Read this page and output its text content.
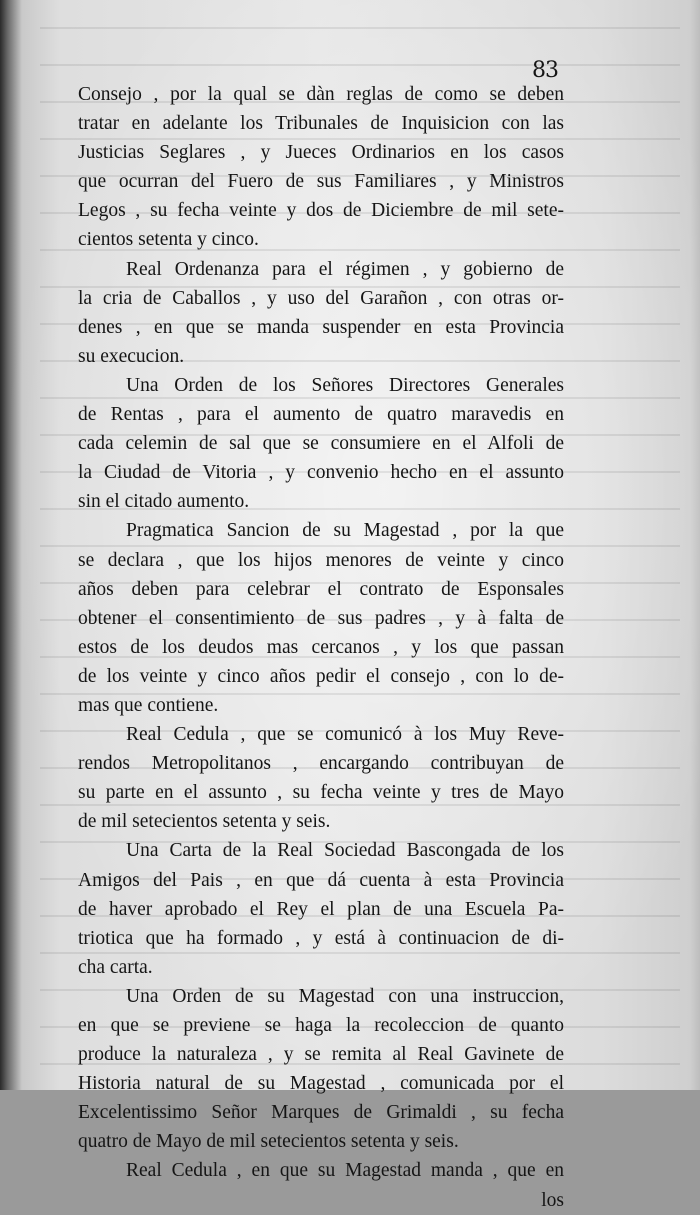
83
Consejo , por la qual se dàn reglas de como se deben
tratar en adelante los Tribunales de Inquisicion con las
Justicias Seglares , y Jueces Ordinarios en los casos
que ocurran del Fuero de sus Familiares , y Ministros
Legos , su fecha veinte y dos de Diciembre de mil sete-
cientos setenta y cinco.
Real Ordenanza para el régimen , y gobierno de
la cria de Caballos , y uso del Garañon , con otras or-
denes , en que se manda suspender en esta Provincia
su execucion.
Una Orden de los Señores Directores Generales
de Rentas , para el aumento de quatro maravedis en
cada celemin de sal que se consumiere en el Alfoli de
la Ciudad de Vitoria , y convenio hecho en el assunto
sin el citado aumento.
Pragmatica Sancion de su Magestad , por la que
se declara , que los hijos menores de veinte y cinco
años deben para celebrar el contrato de Esponsales
obtener el consentimiento de sus padres , y à falta de
estos de los deudos mas cercanos , y los que passan
de los veinte y cinco años pedir el consejo , con lo de-
mas que contiene.
Real Cedula , que se comunicó à los Muy Reve-
rendos Metropolitanos , encargando contribuyan de
su parte en el assunto , su fecha veinte y tres de Mayo
de mil setecientos setenta y seis.
Una Carta de la Real Sociedad Bascongada de los
Amigos del Pais , en que dá cuenta à esta Provincia
de haver aprobado el Rey el plan de una Escuela Pa-
triotica que ha formado , y está à continuacion de di-
cha carta.
Una Orden de su Magestad con una instruccion,
en que se previene se haga la recoleccion de quanto
produce la naturaleza , y se remita al Real Gavinete de
Historia natural de su Magestad , comunicada por el
Excelentissimo Señor Marques de Grimaldi , su fecha
quatro de Mayo de mil setecientos setenta y seis.
Real Cedula , en que su Magestad manda , que en
los
